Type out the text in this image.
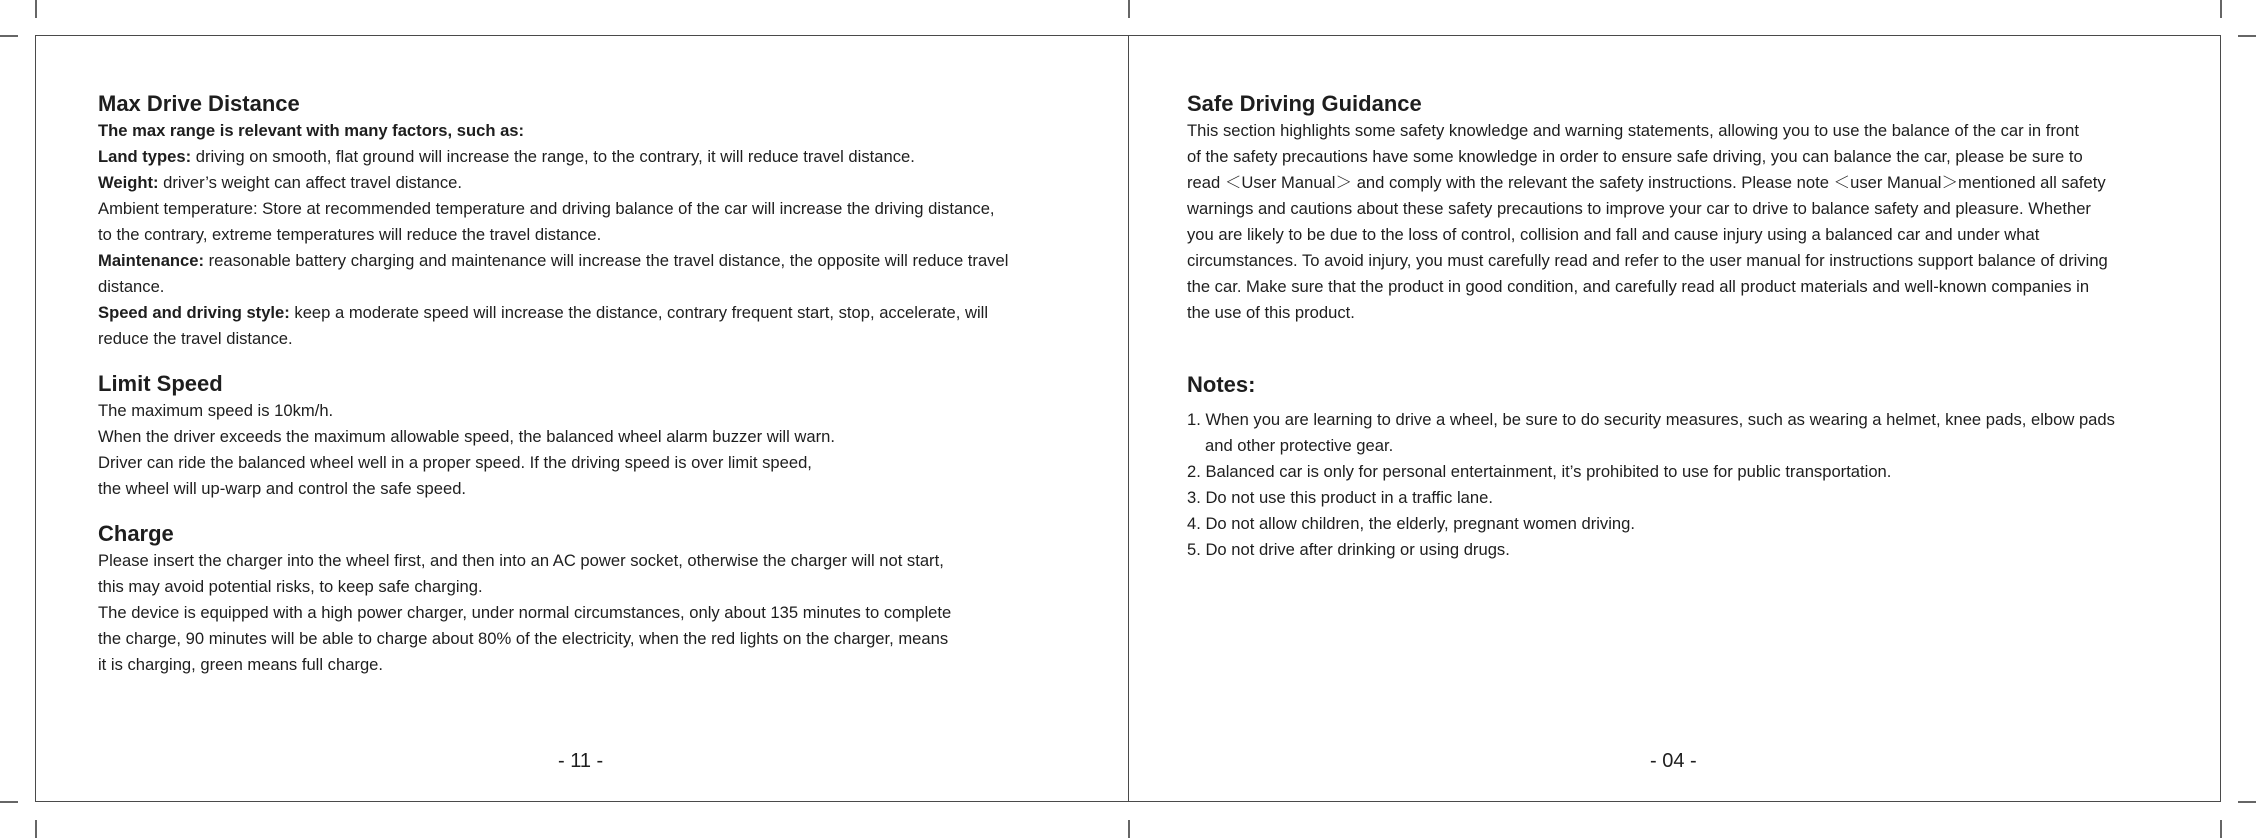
Max Drive Distance

The max range is relevant with many factors, such as:
Land types: driving on smooth, flat ground will increase the range, to the contrary, it will reduce travel distance.
Weight: driver’s weight can affect travel distance.
Ambient temperature: Store at recommended temperature and driving balance of the car will increase the driving distance,
to the contrary, extreme temperatures will reduce the travel distance.
Maintenance: reasonable battery charging and maintenance will increase the travel distance, the opposite will reduce travel
distance.
Speed and driving style: keep a moderate speed will increase the distance, contrary frequent start, stop, accelerate, will
reduce the travel distance.

Limit Speed

The maximum speed is 10km/h.
When the driver exceeds the maximum allowable speed, the balanced wheel alarm buzzer will warn.
Driver can ride the balanced wheel well in a proper speed. If the driving speed is over limit speed,
the wheel will up-warp and control the safe speed.

Charge

Please insert the charger into the wheel first, and then into an AC power socket, otherwise the charger will not start,
this may avoid potential risks, to keep safe charging.
The device is equipped with a high power charger, under normal circumstances, only about 135 minutes to complete
the charge, 90 minutes will be able to charge about 80% of the electricity, when the red lights on the charger, means
it is charging, green means full charge.

- 11 -
Safe Driving Guidance

This section highlights some safety knowledge and warning statements, allowing you to use the balance of the car in front
of the safety precautions have some knowledge in order to ensure safe driving, you can balance the car, please be sure to
read ＜User Manual＞ and comply with the relevant the safety instructions. Please note ＜user Manual＞mentioned all safety
warnings and cautions about these safety precautions to improve your car to drive to balance safety and pleasure. Whether
you are likely to be due to the loss of control, collision and fall and cause injury using a balanced car and under what
circumstances. To avoid injury, you must carefully read and refer to the user manual for instructions support balance of driving
the car. Make sure that the product in good condition, and carefully read all product materials and well-known companies in
the use of this product.

Notes:
1. When you are learning to drive a wheel, be sure to do security measures, such as wearing a helmet, knee pads, elbow pads
and other protective gear.
2. Balanced car is only for personal entertainment, it’s prohibited to use for public transportation.
3. Do not use this product in a traffic lane.
4. Do not allow children, the elderly, pregnant women driving.
5. Do not drive after drinking or using drugs.
- 04 -
